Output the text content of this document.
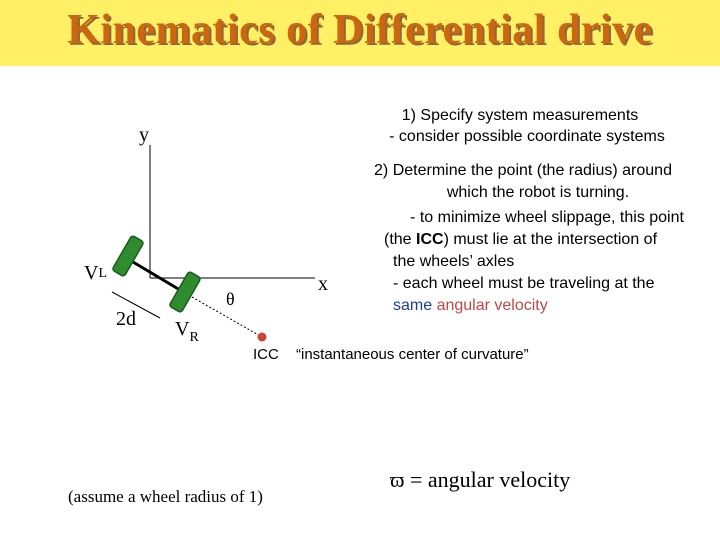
Kinematics of Differential drive
y
x
VL
2d $V_R$
θ
ICC “instantaneous center of curvature”
1) Specify system measurements
- consider possible coordinate systems
2) Determine the point (the radius) around
which the robot is turning.
- to minimize wheel slippage, this point
(the ICC) must lie at the intersection of
the wheels’ axles
- each wheel must be traveling at the
same angular velocity
(assume a wheel radius of 1)
ϖ = angular velocity
